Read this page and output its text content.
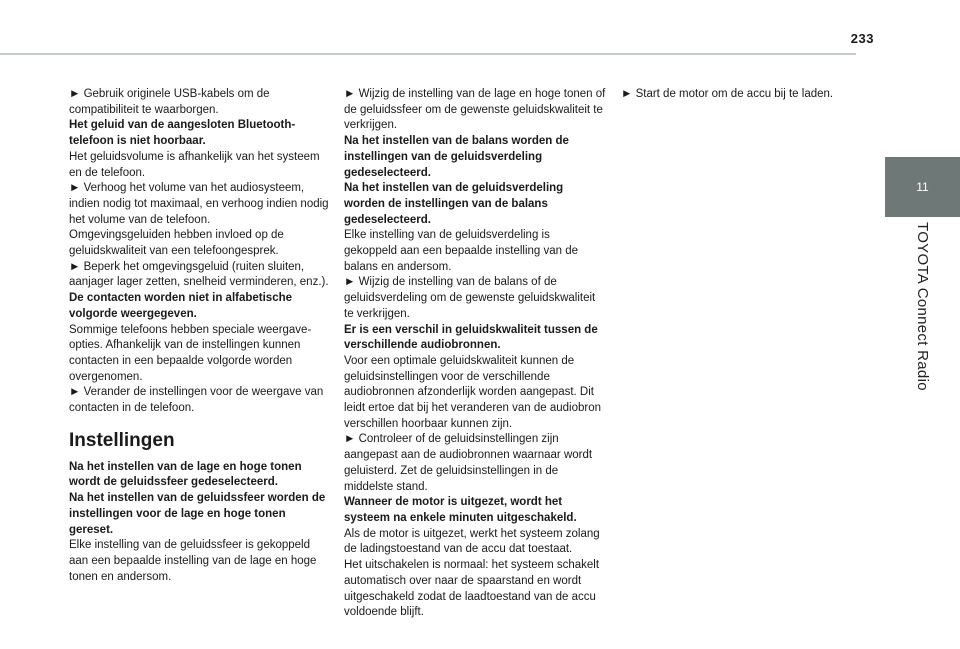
233
11
TOYOTA Connect Radio

► Gebruik originele USB-kabels om de compatibiliteit te waarborgen.

Het geluid van de aangesloten Bluetooth-telefoon is niet hoorbaar.

Het geluidsvolume is afhankelijk van het systeem en de telefoon.

► Verhoog het volume van het audiosysteem, indien nodig tot maximaal, en verhoog indien nodig het volume van de telefoon.

Omgevingsgeluiden hebben invloed op de geluidskwaliteit van een telefoongesprek.

► Beperk het omgevingsgeluid (ruiten sluiten, aanjager lager zetten, snelheid verminderen, enz.).

De contacten worden niet in alfabetische volgorde weergegeven.

Sommige telefoons hebben speciale weergave-opties. Afhankelijk van de instellingen kunnen contacten in een bepaalde volgorde worden overgenomen.

► Verander de instellingen voor de weergave van contacten in de telefoon.

Instellingen

Na het instellen van de lage en hoge tonen wordt de geluidssfeer gedeselecteerd.

Na het instellen van de geluidssfeer worden de instellingen voor de lage en hoge tonen gereset.

Elke instelling van de geluidssfeer is gekoppeld aan een bepaalde instelling van de lage en hoge tonen en andersom.

► Wijzig de instelling van de lage en hoge tonen of de geluidssfeer om de gewenste geluidskwaliteit te verkrijgen.

Na het instellen van de balans worden de instellingen van de geluidsverdeling gedeselecteerd.

Na het instellen van de geluidsverdeling worden de instellingen van de balans gedeselecteerd.

Elke instelling van de geluidsverdeling is gekoppeld aan een bepaalde instelling van de balans en andersom.

► Wijzig de instelling van de balans of de geluidsverdeling om de gewenste geluidskwaliteit te verkrijgen.

Er is een verschil in geluidskwaliteit tussen de verschillende audiobronnen.

Voor een optimale geluidskwaliteit kunnen de geluidsinstellingen voor de verschillende audiobronnen afzonderlijk worden aangepast. Dit leidt ertoe dat bij het veranderen van de audiobron verschillen hoorbaar kunnen zijn.

► Controleer of de geluidsinstellingen zijn aangepast aan de audiobronnen waarnaar wordt geluisterd. Zet de geluidsinstellingen in de middelste stand.

Wanneer de motor is uitgezet, wordt het systeem na enkele minuten uitgeschakeld.

Als de motor is uitgezet, werkt het systeem zolang de ladingstoestand van de accu dat toestaat.

Het uitschakelen is normaal: het systeem schakelt automatisch over naar de spaarstand en wordt uitgeschakeld zodat de laadtoestand van de accu voldoende blijft.

► Start de motor om de accu bij te laden.
